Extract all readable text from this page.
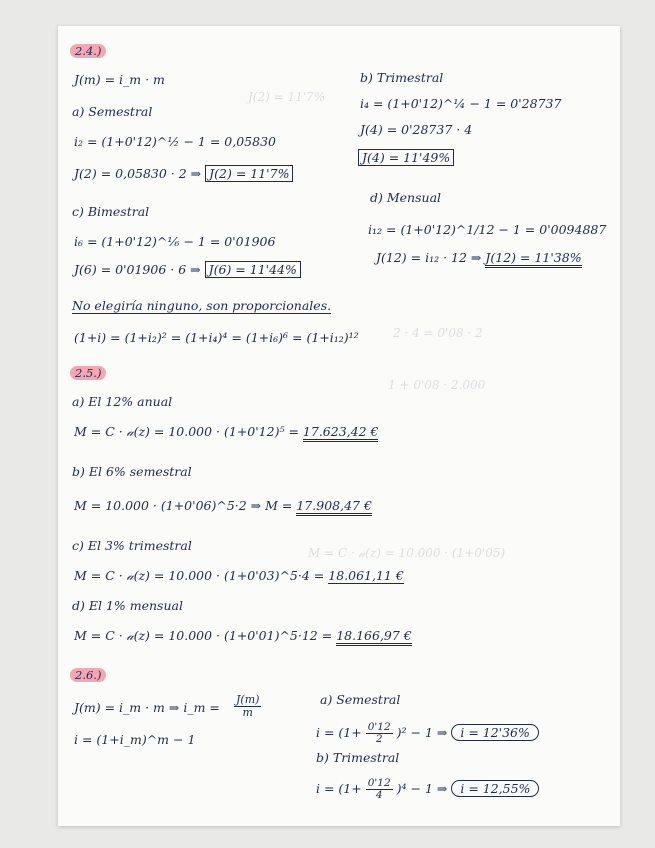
J(2) = 11'7%
2 · 4 = 0'08 · 2
1 + 0'08 · 2.000
M = C · 𝒶(z) = 10.000 · (1+0'05)
2.4.)
J(m) = i_m · m
a) Semestral
i₂ = (1+0'12)^½ − 1 = 0,05830
J(2) = 0,05830 · 2 ⇒ J(2) = 11'7%
b) Trimestral
i₄ = (1+0'12)^¼ − 1 = 0'28737
J(4) = 0'28737 · 4
J(4) = 11'49%
c) Bimestral
i₆ = (1+0'12)^⅙ − 1 = 0'01906
J(6) = 0'01906 · 6 ⇒ J(6) = 11'44%
d) Mensual
i₁₂ = (1+0'12)^1/12 − 1 = 0'0094887
J(12) = i₁₂ · 12 ⇒ J(12) = 11'38%
No elegiría ninguno, son proporcionales.
(1+i) = (1+i₂)² = (1+i₄)⁴ = (1+i₆)⁶ = (1+i₁₂)¹²
2.5.)
a) El 12% anual
M = C · 𝒶(z) = 10.000 · (1+0'12)⁵ = 17.623,42 €
b) El 6% semestral
M = 10.000 · (1+0'06)^5·2 ⇒ M = 17.908,47 €
c) El 3% trimestral
M = C · 𝒶(z) = 10.000 · (1+0'03)^5·4 = 18.061,11 €
d) El 1% mensual
M = C · 𝒶(z) = 10.000 · (1+0'01)^5·12 = 18.166,97 €
2.6.)
J(m) = i_m · m ⇒ i_m = $\frac{J(m)}{m}$
i = (1+i_m)^m − 1
a) Semestral
$i = (1+ \frac{0'12}{2} )^2 - 1$ ⇒ i = 12'36%
b) Trimestral
$i = (1+ \frac{0'12}{4} )^4 - 1$ ⇒ i = 12,55%
